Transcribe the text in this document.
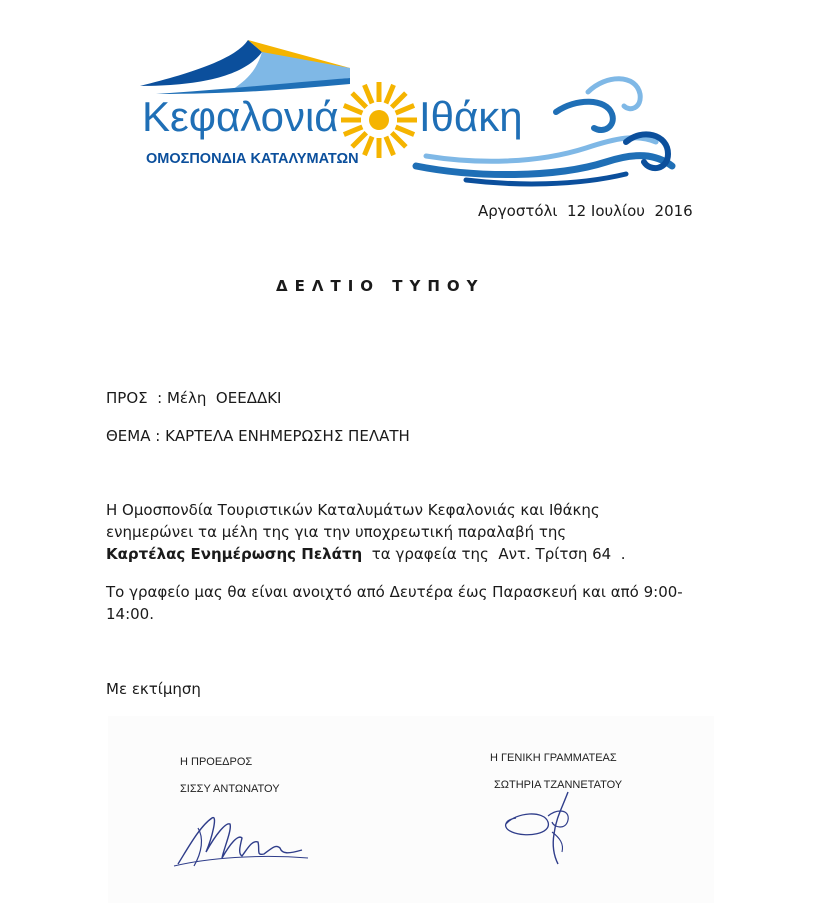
Κεφαλονιά Ιθάκη
ΟΜΟΣΠΟΝΔΙΑ ΚΑΤΑΛΥΜΑΤΩΝ
Αργοστόλι  12 Ιουλίου  2016
ΔΕΛΤΙΟ ΤΥΠΟΥ
ΠΡΟΣ  : Μέλη  ΟΕΕΔΔΚΙ
ΘΕΜΑ : ΚΑΡΤΕΛΑ ΕΝΗΜΕΡΩΣΗΣ ΠΕΛΑΤΗ
Η Ομοσπονδία Τουριστικών Καταλυμάτων Κεφαλονιάς και Ιθάκης
ενημερώνει τα μέλη της για την υποχρεωτική παραλαβή της
Καρτέλας Ενημέρωσης Πελάτη  τα γραφεία της  Αντ. Τρίτση 64  .
Το γραφείο μας θα είναι ανοιχτό από Δευτέρα έως Παρασκευή και από 9:00-14:00.
Με εκτίμηση
Η ΠΡΟΕΔΡΟΣ
ΣΙΣΣΥ ΑΝΤΩΝΑΤΟΥ
Η ΓΕΝΙΚΗ ΓΡΑΜΜΑΤΕΑΣ
ΣΩΤΗΡΙΑ ΤΖΑΝΝΕΤΑΤΟΥ
